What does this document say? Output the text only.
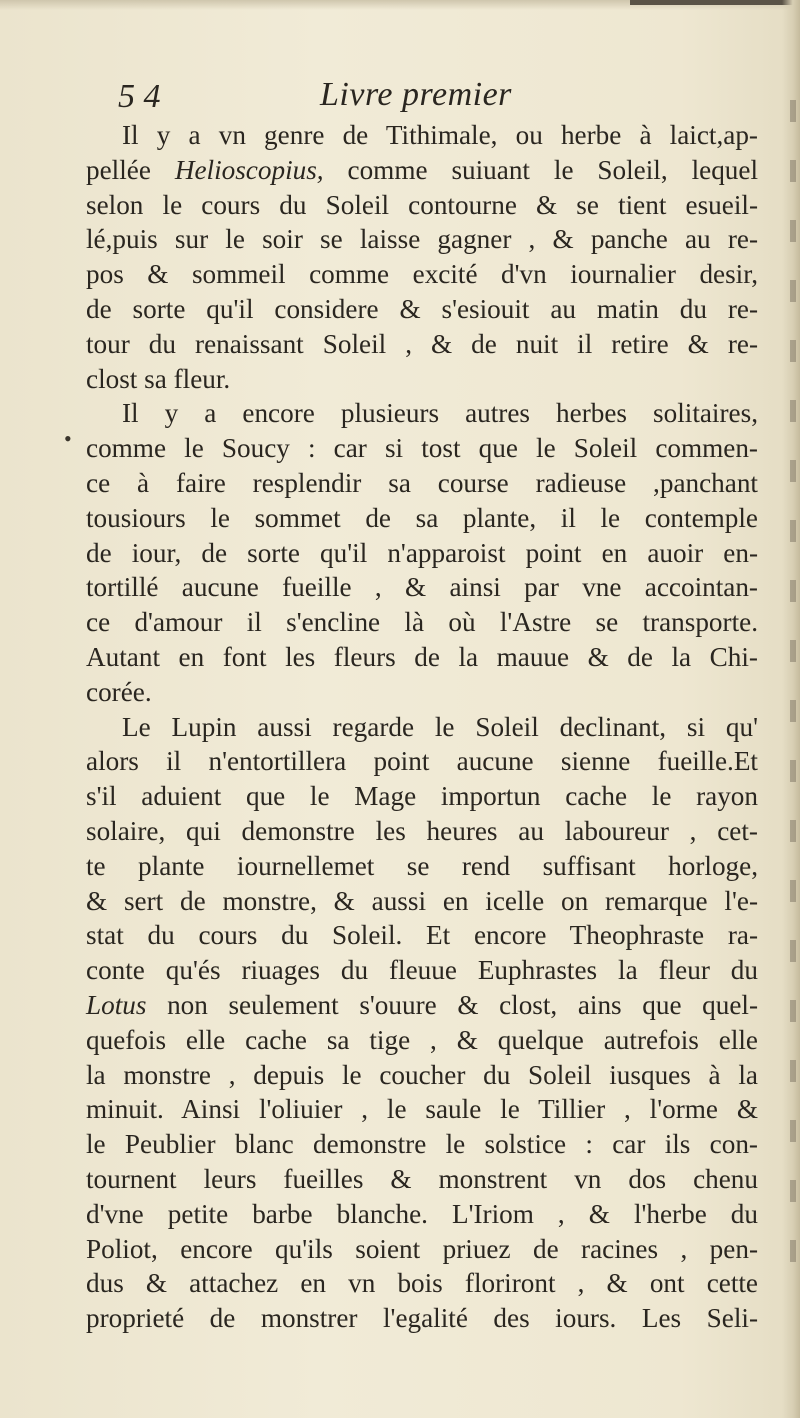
5 4	Livre premier
Il y a vn genre de Tithimale, ou herbe à laict,ap-
pellée Helioscopius, comme suiuant le Soleil, lequel
selon le cours du Soleil contourne & se tient esueil-
lé,puis sur le soir se laisse gagner , & panche au re-
pos & sommeil comme excité d'vn iournalier desir,
de sorte qu'il considere & s'esiouit au matin du re-
tour du renaissant Soleil , & de nuit il retire & re-
clost sa fleur.
Il y a encore plusieurs autres herbes solitaires,
comme le Soucy : car si tost que le Soleil commen-
ce à faire resplendir sa course radieuse ,panchant
tousiours le sommet de sa plante, il le contemple
de iour, de sorte qu'il n'apparoist point en auoir en-
tortillé aucune fueille , & ainsi par vne accointan-
ce d'amour il s'encline là où l'Astre se transporte.
Autant en font les fleurs de la mauue & de la Chi-
corée.
Le Lupin aussi regarde le Soleil declinant, si qu'
alors il n'entortillera point aucune sienne fueille.Et
s'il aduient que le Mage importun cache le rayon
solaire, qui demonstre les heures au laboureur , cet-
te plante iournellemet se rend suffisant horloge,
& sert de monstre, & aussi en icelle on remarque l'e-
stat du cours du Soleil. Et encore Theophraste ra-
conte qu'és riuages du fleuue Euphrastes la fleur du
Lotus non seulement s'ouure & clost, ains que quel-
quefois elle cache sa tige , & quelque autrefois elle
la monstre , depuis le coucher du Soleil iusques à la
minuit. Ainsi l'oliuier , le saule le Tillier , l'orme &
le Peublier blanc demonstre le solstice : car ils con-
tournent leurs fueilles & monstrent vn dos chenu
d'vne petite barbe blanche. L'Iriom , & l'herbe du
Poliot, encore qu'ils soient priuez de racines , pen-
dus & attachez en vn bois floriront , & ont cette
proprieté de monstrer l'egalité des iours. Les Seli-
•
